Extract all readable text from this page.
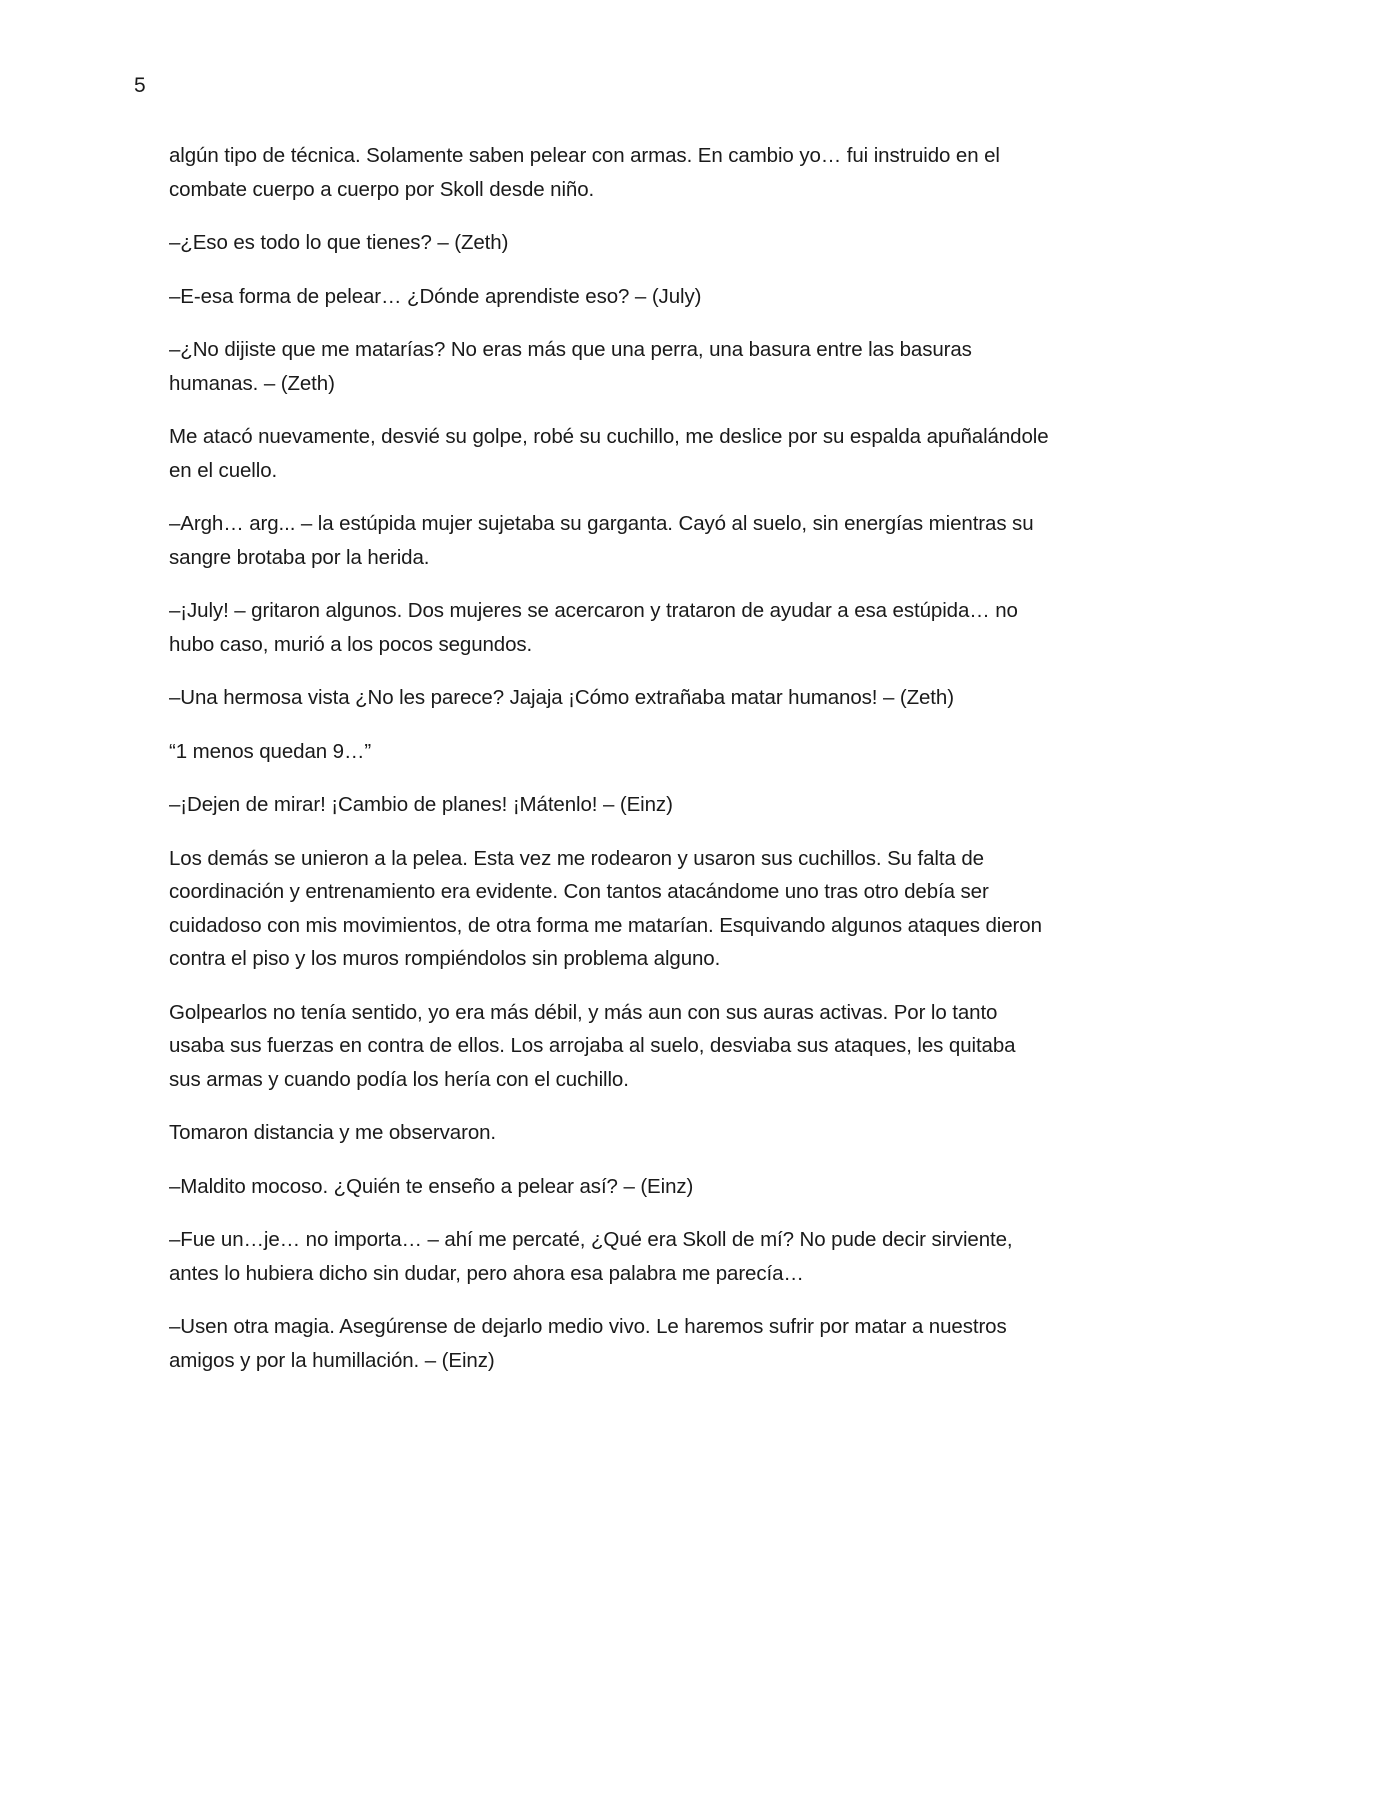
5

algún tipo de técnica. Solamente saben pelear con armas. En cambio yo… fui instruido en el combate cuerpo a cuerpo por Skoll desde niño.

–¿Eso es todo lo que tienes? – (Zeth)

–E-esa forma de pelear… ¿Dónde aprendiste eso? – (July)

–¿No dijiste que me matarías? No eras más que una perra, una basura entre las basuras humanas. – (Zeth)

Me atacó nuevamente, desvié su golpe, robé su cuchillo, me deslice por su espalda apuñalándole en el cuello.

–Argh… arg... – la estúpida mujer sujetaba su garganta. Cayó al suelo, sin energías mientras su sangre brotaba por la herida.

–¡July! – gritaron algunos. Dos mujeres se acercaron y trataron de ayudar a esa estúpida… no hubo caso, murió a los pocos segundos.

–Una hermosa vista ¿No les parece? Jajaja ¡Cómo extrañaba matar humanos! – (Zeth)

“1 menos quedan 9…”

–¡Dejen de mirar! ¡Cambio de planes! ¡Mátenlo! – (Einz)

Los demás se unieron a la pelea. Esta vez me rodearon y usaron sus cuchillos. Su falta de coordinación y entrenamiento era evidente. Con tantos atacándome uno tras otro debía ser cuidadoso con mis movimientos, de otra forma me matarían. Esquivando algunos ataques dieron contra el piso y los muros rompiéndolos sin problema alguno.

Golpearlos no tenía sentido, yo era más débil, y más aun con sus auras activas. Por lo tanto usaba sus fuerzas en contra de ellos. Los arrojaba al suelo, desviaba sus ataques, les quitaba sus armas y cuando podía los hería con el cuchillo.

Tomaron distancia y me observaron.

–Maldito mocoso. ¿Quién te enseño a pelear así? – (Einz)

–Fue un…je… no importa… – ahí me percaté, ¿Qué era Skoll de mí? No pude decir sirviente, antes lo hubiera dicho sin dudar, pero ahora esa palabra me parecía…

–Usen otra magia. Asegúrense de dejarlo medio vivo. Le haremos sufrir por matar a nuestros amigos y por la humillación. – (Einz)
